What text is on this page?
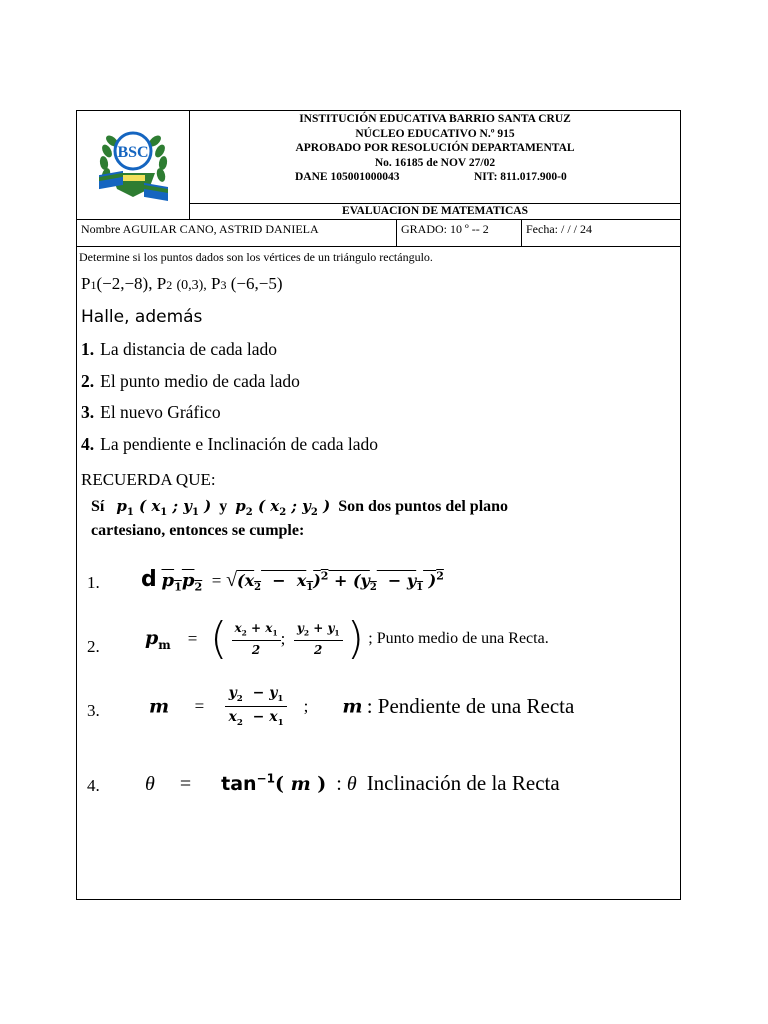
BSC
INSTITUCIÓN EDUCATIVA BARRIO SANTA CRUZ
NÚCLEO EDUCATIVO N.º 915
APROBADO POR RESOLUCIÓN DEPARTAMENTAL
No. 16185 de NOV 27/02
DANE 105001000043	NIT: 811.017.900-0
EVALUACION DE MATEMATICAS
Nombre AGUILAR CANO, ASTRID DANIELA	GRADO: 10 º -- 2	Fecha: / / / 24
Determine si los puntos dados son los vértices de un triángulo rectángulo.
P1(−2,−8), P2 (0,3), P3 (−6,−5)
Halle, además
1. La distancia de cada lado
2. El punto medio de cada lado
3. El nuevo Gráfico
4. La pendiente e Inclinación de cada lado
RECUERDA QUE:
Sí $p_1$ ( $x_1$ ; $y_1$ ) y $p_2$ ( $x_2$ ; $y_2$ ) Son dos puntos del plano
cartesiano, entonces se cumple:
1. d $p_1p_2 = √(x_2 - x_1)^2 + (y_2 - y_1$ )$^2$
2. $p_m$ = ( $\frac{x_2 + x_1}{2}$ ; $\frac{y_2 + y_1}{2}$ ) ; Punto medio de una Recta.
3.	$m = \frac{y_2 - y_1}{x_2 - x_1}$ ; m : Pendiente de una Recta
4. θ     =      $\tan^{-1}$( m )  : θ Inclinación de la Recta
